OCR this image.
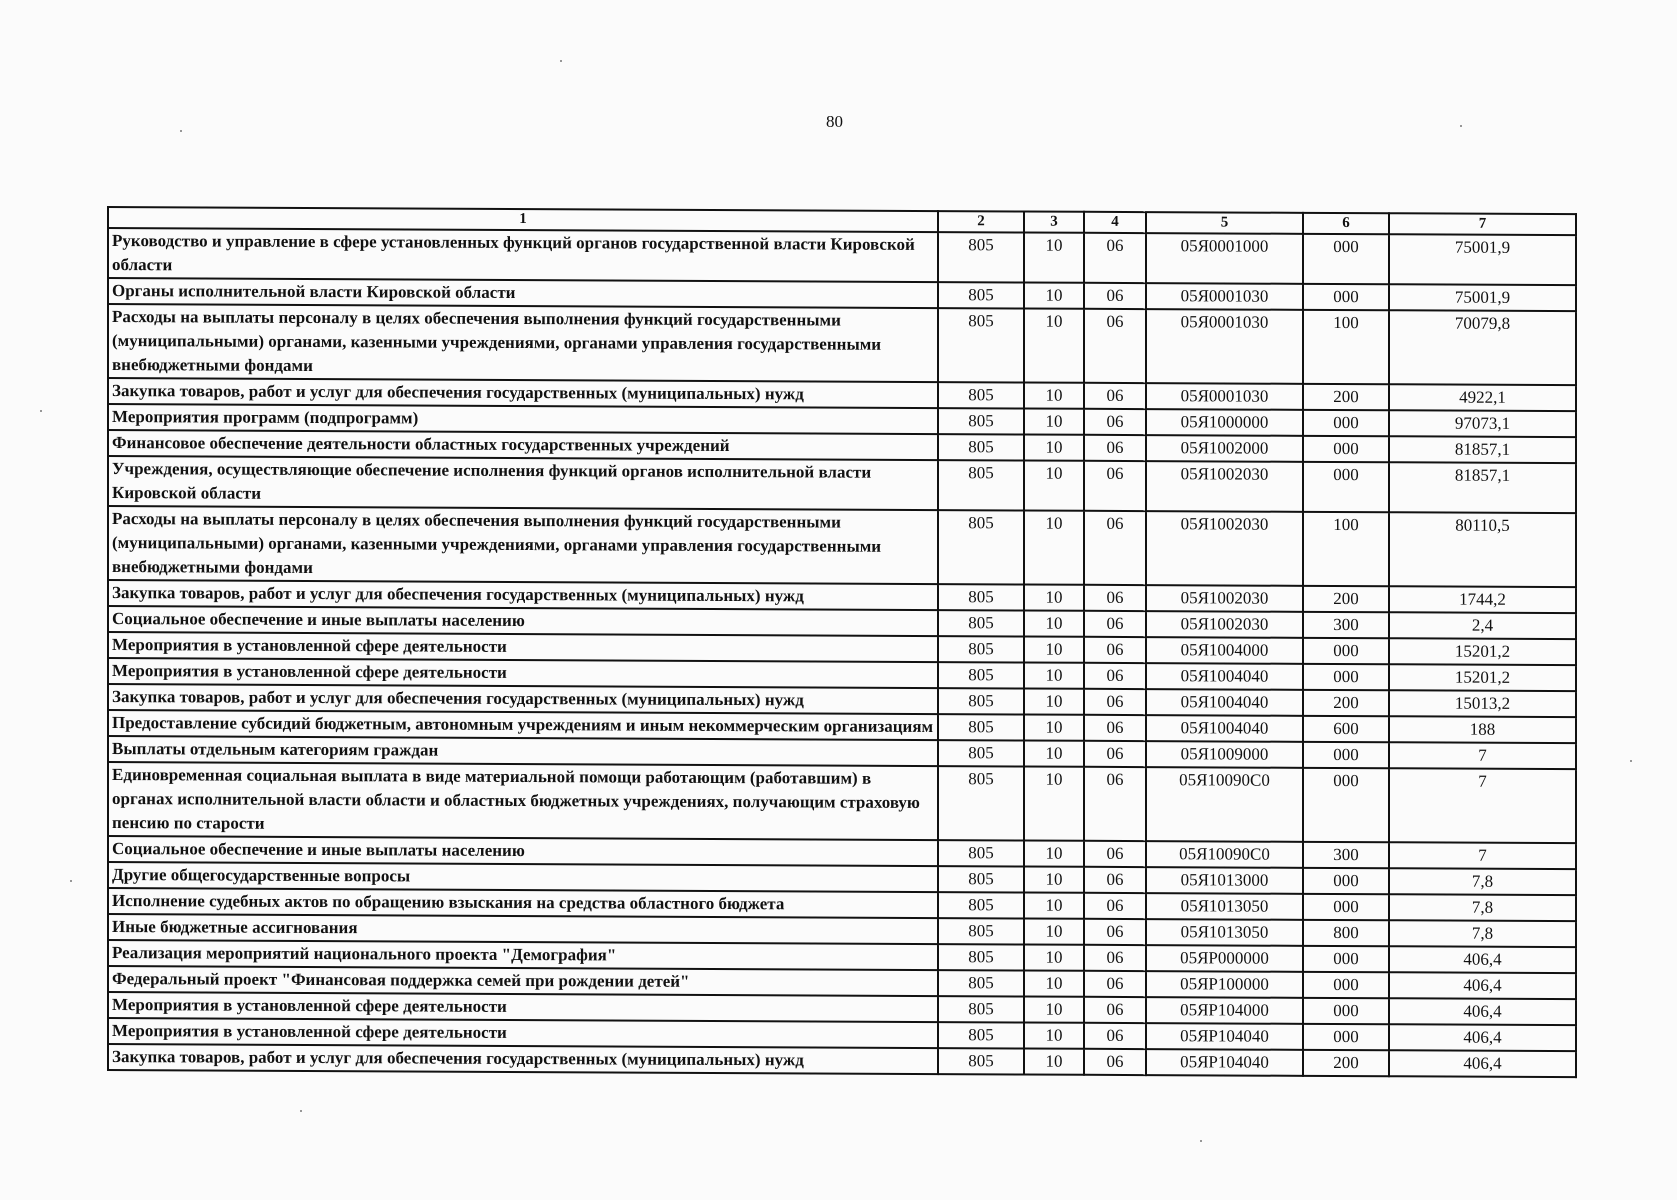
80
1	2	3	4	5	6	7
Руководство и управление в сфере установленных функций органов государственной власти Кировской области	805	10	06	05Я0001000	000	75001,9
Органы исполнительной власти Кировской области	805	10	06	05Я0001030	000	75001,9
Расходы на выплаты персоналу в целях обеспечения выполнения функций государственными (муниципальными) органами, казенными учреждениями, органами управления государственными внебюджетными фондами	805	10	06	05Я0001030	100	70079,8
Закупка товаров, работ и услуг для обеспечения государственных (муниципальных) нужд	805	10	06	05Я0001030	200	4922,1
Мероприятия программ (подпрограмм)	805	10	06	05Я1000000	000	97073,1
Финансовое обеспечение деятельности областных государственных учреждений	805	10	06	05Я1002000	000	81857,1
Учреждения, осуществляющие обеспечение исполнения функций органов исполнительной власти Кировской области	805	10	06	05Я1002030	000	81857,1
Расходы на выплаты персоналу в целях обеспечения выполнения функций государственными (муниципальными) органами, казенными учреждениями, органами управления государственными внебюджетными фондами	805	10	06	05Я1002030	100	80110,5
Закупка товаров, работ и услуг для обеспечения государственных (муниципальных) нужд	805	10	06	05Я1002030	200	1744,2
Социальное обеспечение и иные выплаты населению	805	10	06	05Я1002030	300	2,4
Мероприятия в установленной сфере деятельности	805	10	06	05Я1004000	000	15201,2
Мероприятия в установленной сфере деятельности	805	10	06	05Я1004040	000	15201,2
Закупка товаров, работ и услуг для обеспечения государственных (муниципальных) нужд	805	10	06	05Я1004040	200	15013,2
Предоставление субсидий бюджетным, автономным учреждениям и иным некоммерческим организациям	805	10	06	05Я1004040	600	188
Выплаты отдельным категориям граждан	805	10	06	05Я1009000	000	7
Единовременная социальная выплата в виде материальной помощи работающим (работавшим) в органах исполнительной власти области и областных бюджетных учреждениях, получающим страховую пенсию по старости	805	10	06	05Я10090С0	000	7
Социальное обеспечение и иные выплаты населению	805	10	06	05Я10090С0	300	7
Другие общегосударственные вопросы	805	10	06	05Я1013000	000	7,8
Исполнение судебных актов по обращению взыскания на средства областного бюджета	805	10	06	05Я1013050	000	7,8
Иные бюджетные ассигнования	805	10	06	05Я1013050	800	7,8
Реализация мероприятий национального проекта "Демография"	805	10	06	05ЯР000000	000	406,4
Федеральный проект "Финансовая поддержка семей при рождении детей"	805	10	06	05ЯР100000	000	406,4
Мероприятия в установленной сфере деятельности	805	10	06	05ЯР104000	000	406,4
Мероприятия в установленной сфере деятельности	805	10	06	05ЯР104040	000	406,4
Закупка товаров, работ и услуг для обеспечения государственных (муниципальных) нужд	805	10	06	05ЯР104040	200	406,4
